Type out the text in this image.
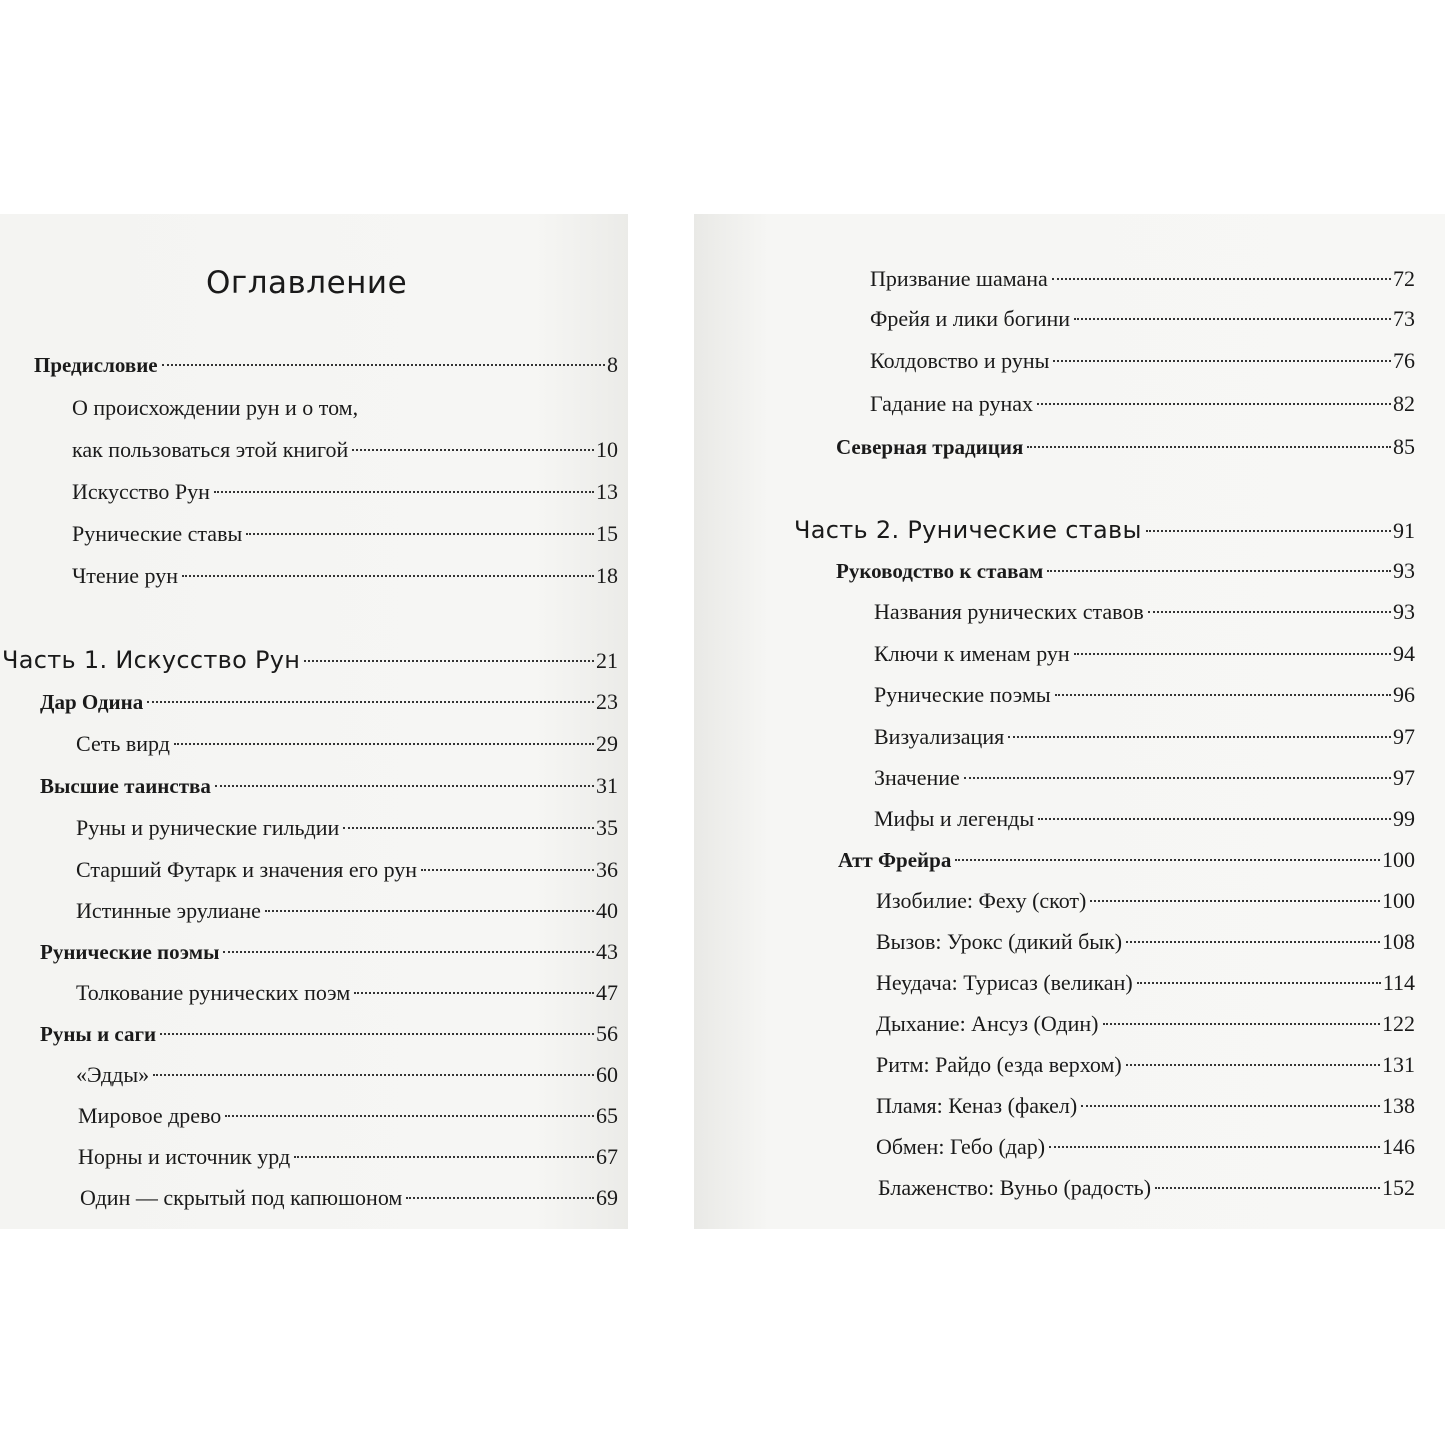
Оглавление
Предисловие	8
О происхождении рун и о том,
как пользоваться этой книгой	10
Искусство Рун	13
Рунические ставы	15
Чтение рун	18
Часть 1. Искусство Рун	21
Дар Одина	23
Сеть вирд	29
Высшие таинства	31
Руны и рунические гильдии	35
Старший Футарк и значения его рун	36
Истинные эрулиане	40
Рунические поэмы	43
Толкование рунических поэм	47
Руны и саги	56
«Эдды»	60
Мировое древо	65
Норны и источник урд	67
Один — скрытый под капюшоном	69
Призвание шамана	72
Фрейя и лики богини	73
Колдовство и руны	76
Гадание на рунах	82
Северная традиция	85
Часть 2. Рунические ставы	91
Руководство к ставам	93
Названия рунических ставов	93
Ключи к именам рун	94
Рунические поэмы	96
Визуализация	97
Значение	97
Мифы и легенды	99
Атт Фрейра	100
Изобилие: Феху (скот)	100
Вызов: Урокс (дикий бык)	108
Неудача: Турисаз (великан)	114
Дыхание: Ансуз (Один)	122
Ритм: Райдо (езда верхом)	131
Пламя: Кеназ (факел)	138
Обмен: Гебо (дар)	146
Блаженство: Вуньо (радость)	152
